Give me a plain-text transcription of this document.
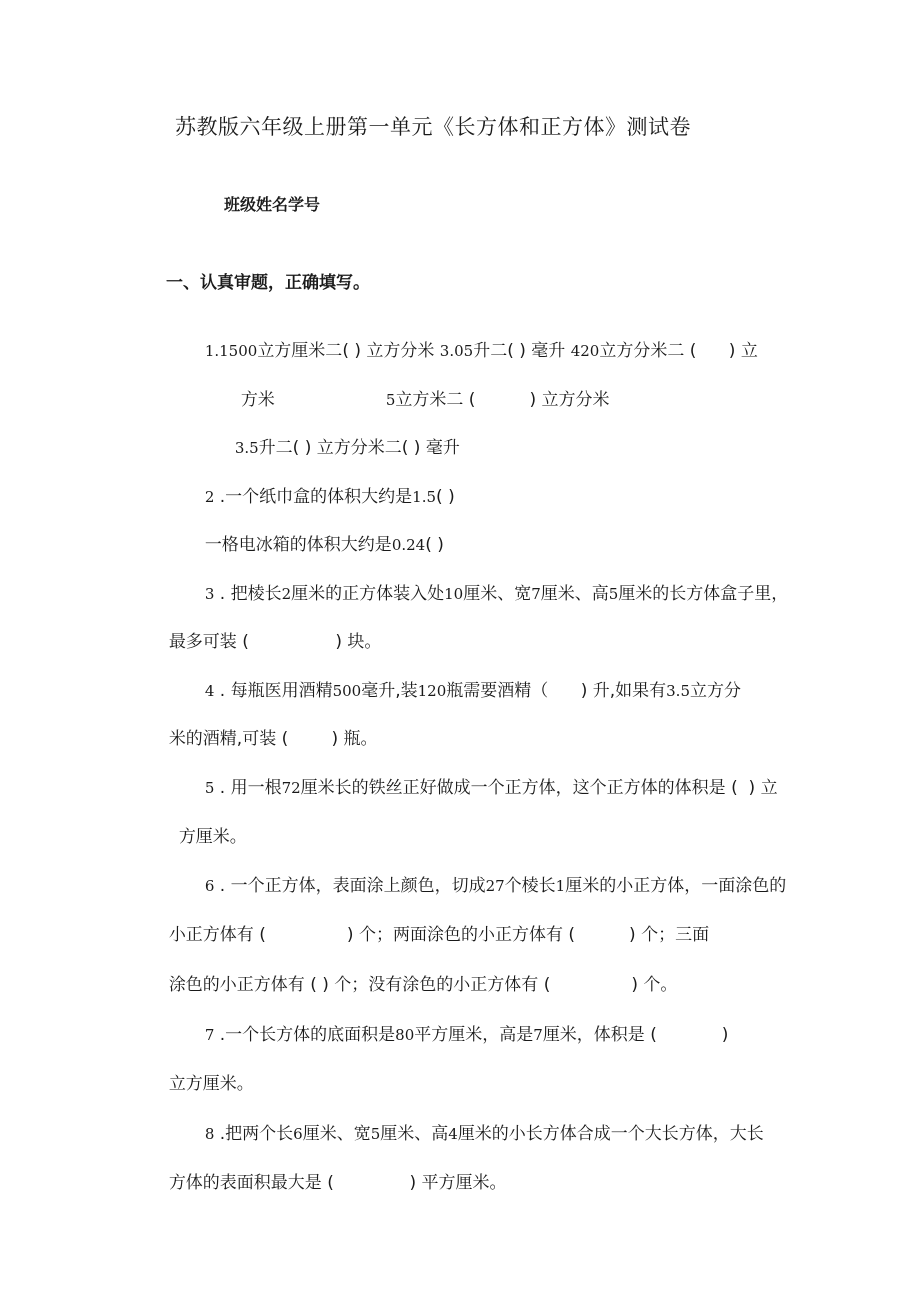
苏教版六年级上册第一单元《长方体和正方体》测试卷
班级姓名学号
一、认真审题，正确填写。

1.1500立方厘米二( ) 立方分米 3.05升二( ) 毫升 420立方分米二 (      ) 立

方米	5立方米二 (          ) 立方分米

3.5升二( ) 立方分米二( ) 毫升

2 .一个纸巾盒的体积大约是1.5( )

一格电冰箱的体积大约是0.24( )

3 . 把棱长2厘米的正方体装入处10厘米、宽7厘米、高5厘米的长方体盒子里，

最多可装 (                ) 块。

4 . 每瓶医用酒精500毫升,装120瓶需要酒精（      ) 升,如果有3.5立方分

米的酒精,可装 (        ) 瓶。

5 . 用一根72厘米长的铁丝正好做成一个正方体，这个正方体的体积是 (  ) 立

方厘米。

6 . 一个正方体，表面涂上颜色，切成27个棱长1厘米的小正方体，一面涂色的

小正方体有 (               ) 个；两面涂色的小正方体有 (          ) 个；三面

涂色的小正方体有 ( ) 个；没有涂色的小正方体有 (               ) 个。

7 .一个长方体的底面积是80平方厘米，高是7厘米，体积是 (            )

立方厘米。

8 .把两个长6厘米、宽5厘米、高4厘米的小长方体合成一个大长方体，大长

方体的表面积最大是 (              ) 平方厘米。
